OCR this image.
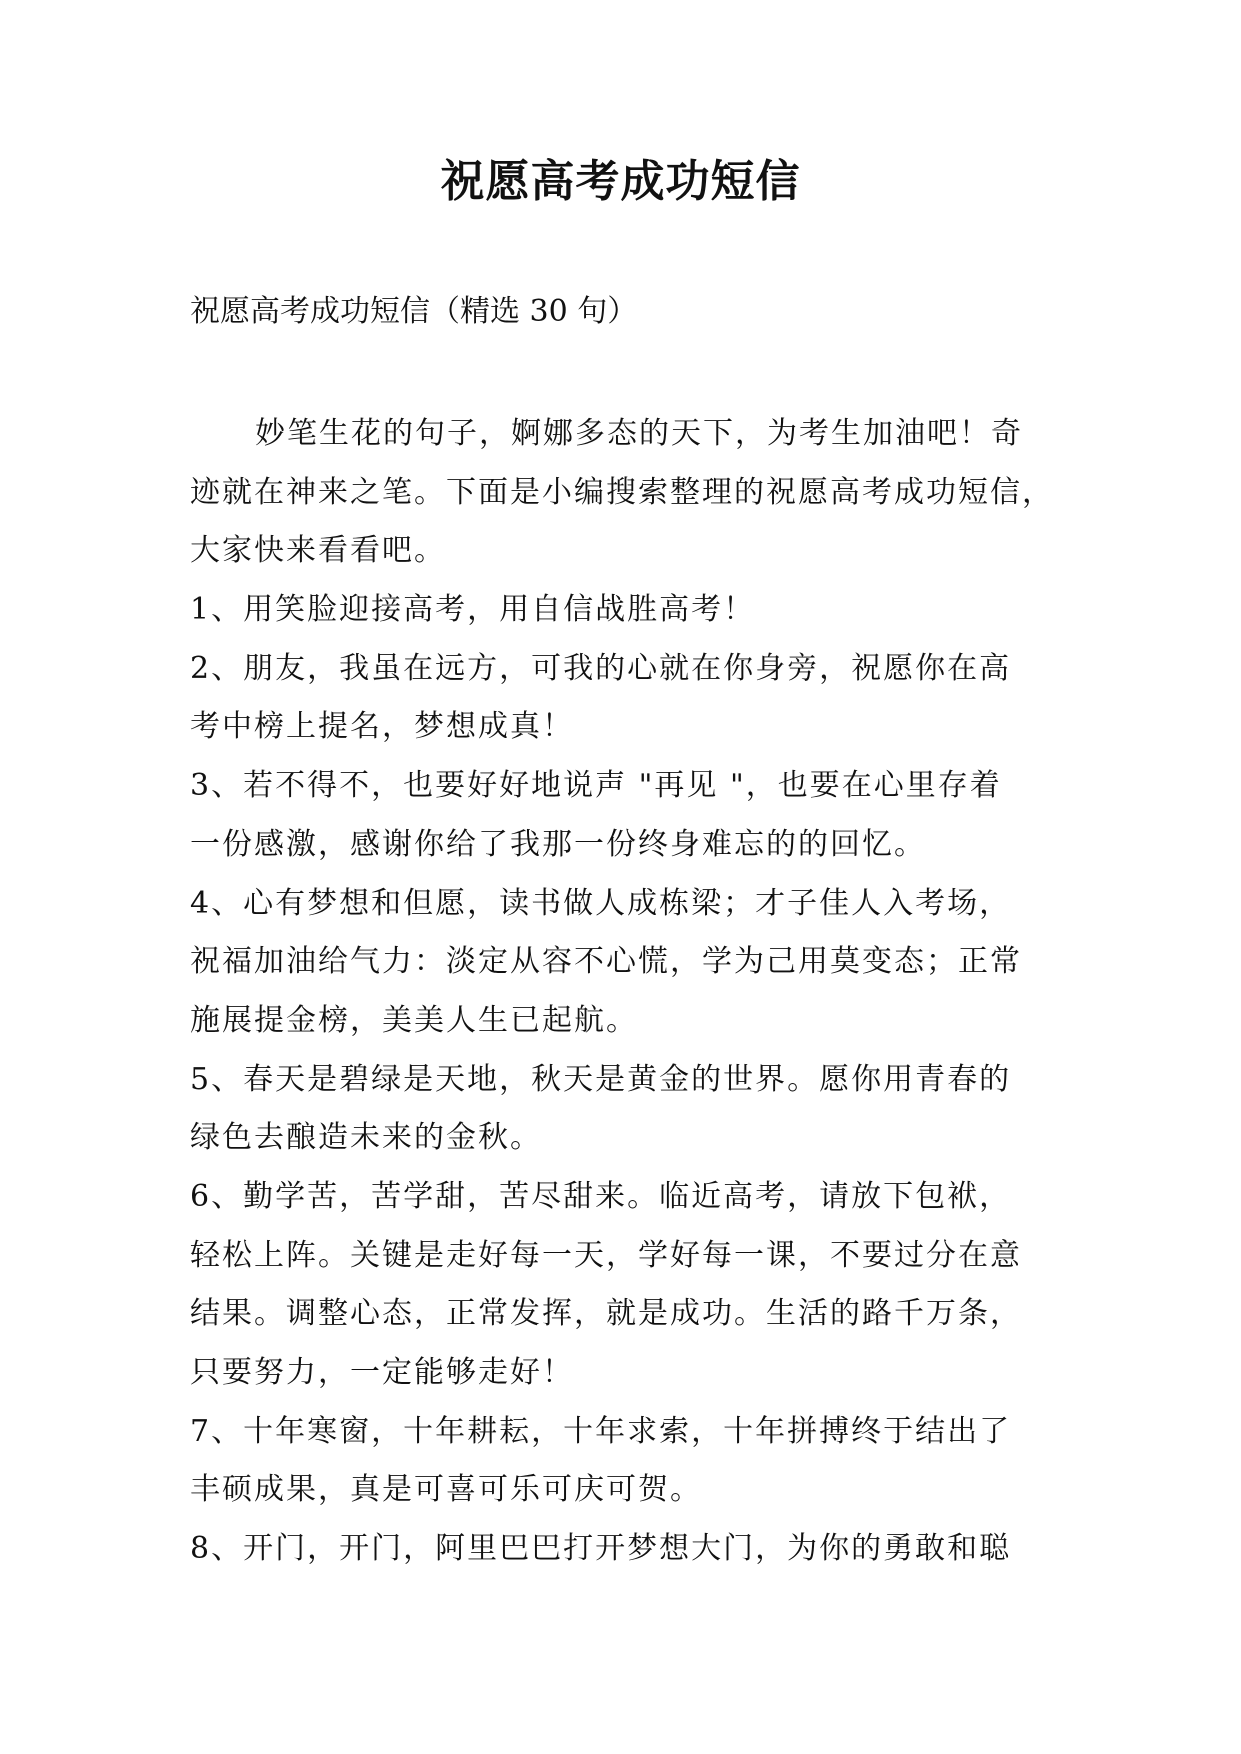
祝愿高考成功短信
祝愿高考成功短信（精选 30 句）
妙笔生花的句子，婀娜多态的天下，为考生加油吧！奇
迹就在神来之笔。下面是小编搜索整理的祝愿高考成功短信，
大家快来看看吧。
1、用笑脸迎接高考，用自信战胜高考！
2、朋友，我虽在远方，可我的心就在你身旁，祝愿你在高
考中榜上提名，梦想成真！
3、若不得不，也要好好地说声 "再见 "，也要在心里存着
一份感激，感谢你给了我那一份终身难忘的的回忆。
4、心有梦想和但愿，读书做人成栋梁；才子佳人入考场，
祝福加油给气力：淡定从容不心慌，学为己用莫变态；正常
施展提金榜，美美人生已起航。
5、春天是碧绿是天地，秋天是黄金的世界。愿你用青春的
绿色去酿造未来的金秋。
6、勤学苦，苦学甜，苦尽甜来。临近高考，请放下包袱，
轻松上阵。关键是走好每一天，学好每一课，不要过分在意
结果。调整心态，正常发挥，就是成功。生活的路千万条，
只要努力，一定能够走好！
7、十年寒窗，十年耕耘，十年求索，十年拼搏终于结出了
丰硕成果，真是可喜可乐可庆可贺。
8、开门，开门，阿里巴巴打开梦想大门，为你的勇敢和聪
